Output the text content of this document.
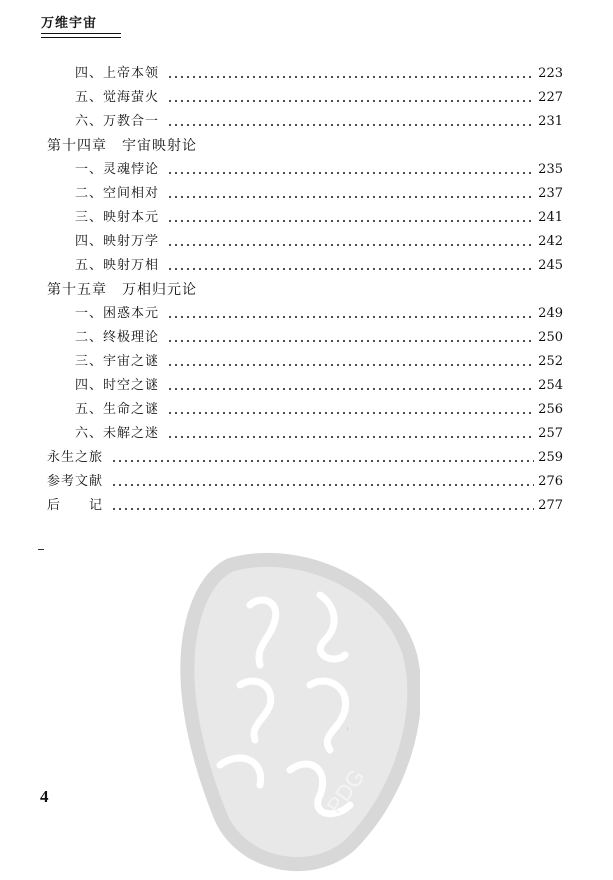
万维宇宙
四、上帝本领	223
五、觉海萤火	227
六、万教合一	231
第十四章　宇宙映射论
一、灵魂悖论	235
二、空间相对	237
三、映射本元	241
四、映射万学	242
五、映射万相	245
第十五章　万相归元论
一、困惑本元	249
二、终极理论	250
三、宇宙之谜	252
四、时空之谜	254
五、生命之谜	256
六、未解之迷	257
永生之旅	259
参考文献	276
后　　记	277
PDG
4
